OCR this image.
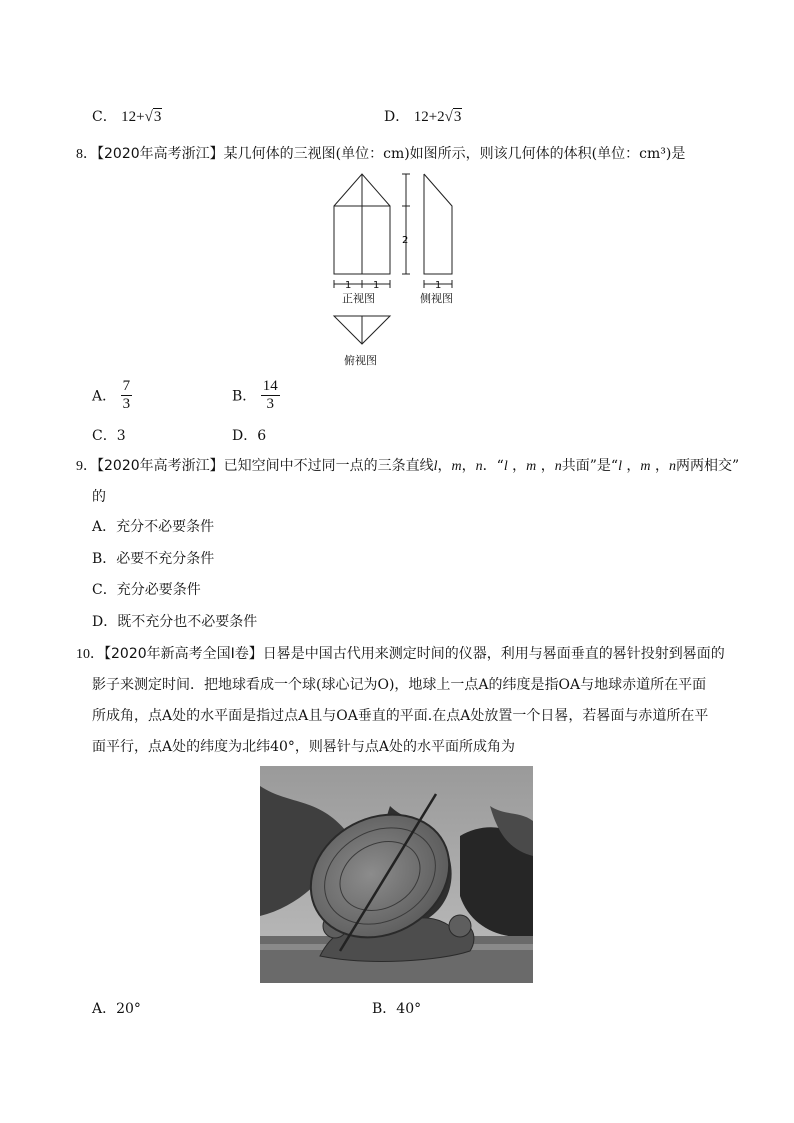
C． 12+√3	D． 12+2√3
8．【2020年高考浙江】某几何体的三视图(单位：cm)如图所示，则该几何体的体积(单位：cm³)是
2
1 1	1
正视图	侧视图
俯视图
A． $\frac{7}{3}$	B． $\frac{14}{3}$
C．3	D．6
9．【2020年高考浙江】已知空间中不过同一点的三条直线l，m，n．“l ，m ，n共面”是“l ，m ，n两两相交”
的
A．充分不必要条件
B．必要不充分条件
C．充分必要条件
D．既不充分也不必要条件
10．【2020年新高考全国Ⅰ卷】日晷是中国古代用来测定时间的仪器，利用与晷面垂直的晷针投射到晷面的
影子来测定时间．把地球看成一个球(球心记为O)，地球上一点A的纬度是指OA与地球赤道所在平面
所成角，点A处的水平面是指过点A且与OA垂直的平面.在点A处放置一个日晷，若晷面与赤道所在平
面平行，点A处的纬度为北纬40°，则晷针与点A处的水平面所成角为
A．20°	B．40°
